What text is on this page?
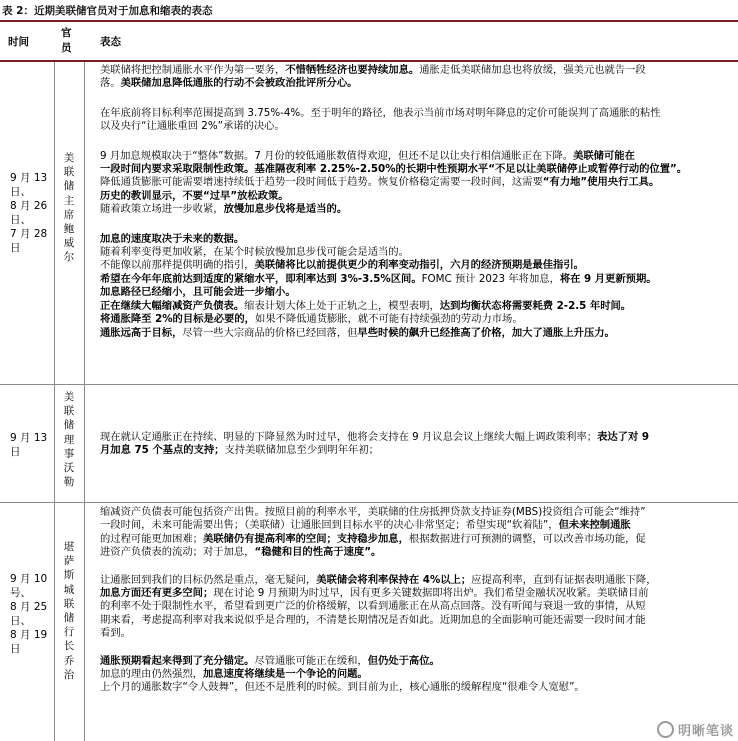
表 2：近期美联储官员对于加息和缩表的表态
时间
官员	表态
9 月 13
日、
8 月 26
日、
7 月 28
日
美
联
储
主
席
鲍
威
尔

美联储将把控制通胀水平作为第一要务，不惜牺牲经济也要持续加息。通胀走低美联储加息也将放缓，强美元也就告一段

落。美联储加息降低通胀的行动不会被政治批评所分心。

在年底前将目标利率范围提高到 3.75%-4%。至于明年的路径，他表示当前市场对明年降息的定价可能误判了高通胀的粘性

以及央行“让通胀重回 2%”承诺的决心。

9 月加息规模取决于“整体”数据。7 月份的较低通胀数值得欢迎，但还不足以让央行相信通胀正在下降。美联储可能在

一段时间内要求采取限制性政策。基准隔夜利率 2.25%-2.50%的长期中性预期水平“不足以让美联储停止或暂停行动的位置”。

降低通货膨胀可能需要增速持续低于趋势一段时间低于趋势。恢复价格稳定需要一段时间，这需要“有力地”使用央行工具。

历史的教训显示，不要“过早”放松政策。

随着政策立场进一步收紧，放慢加息步伐将是适当的。

加息的速度取决于未来的数据。

随着利率变得更加收紧，在某个时候放慢加息步伐可能会是适当的。

不能像以前那样提供明确的指引，美联储将比以前提供更少的利率变动指引，六月的经济预期是最佳指引。

希望在今年年底前达到适度的紧缩水平，即利率达到 3%-3.5%区间。FOMC 预计 2023 年将加息，将在 9 月更新预期。

加息路径已经缩小，且可能会进一步缩小。

正在继续大幅缩减资产负债表。缩表计划大体上处于正轨之上，模型表明，达到均衡状态将需要耗费 2-2.5 年时间。

将通胀降至 2%的目标是必要的，如果不降低通货膨胀，就不可能有持续强劲的劳动力市场。

通胀远高于目标，尽管一些大宗商品的价格已经回落，但早些时候的飙升已经推高了价格，加大了通胀上升压力。

9 月 13
日
美
联
储
理
事
沃
勒

现在就认定通胀正在持续、明显的下降显然为时过早，他将会支持在 9 月议息会议上继续大幅上调政策利率；表达了对 9

月加息 75 个基点的支持；支持美联储加息至少到明年年初；

9 月 10
号、
8 月 25
日、
8 月 19
日
堪
萨
斯
城
联
储
行
长
乔
治

缩减资产负债表可能包括资产出售。按照目前的利率水平，美联储的住房抵押贷款支持证券(MBS)投资组合可能会“维持”

一段时间，未来可能需要出售；（美联储）让通胀回到目标水平的决心非常坚定；希望实现“软着陆”，但未来控制通胀

的过程可能更加困难；美联储仍有提高利率的空间；支持稳步加息，根据数据进行可预测的调整，可以改善市场功能，促

进资产负债表的流动；对于加息，“稳健和目的性高于速度”。

让通胀回到我们的目标仍然是重点，毫无疑问，美联储会将利率保持在 4%以上；应提高利率，直到有证据表明通胀下降，

加息方面还有更多空间；现在讨论 9 月预期为时过早，因有更多关键数据即将出炉。我们希望金融状况收紧。美联储目前

的利率不处于限制性水平，希望看到更广泛的价格缓解，以看到通胀正在从高点回落。没有听闻与衰退一致的事情，从短

期来看，考虑提高利率对我来说似乎是合理的，不清楚长期情况是否如此。近期加息的全面影响可能还需要一段时间才能

看到。

通胀预期看起来得到了充分锚定。尽管通胀可能正在缓和，但仍处于高位。

加息的理由仍然强烈，加息速度将继续是一个争论的问题。

上个月的通胀数字“令人鼓舞”，但还不是胜利的时候。到目前为止，核心通胀的缓解程度“很难令人宽慰”。

明晰笔谈
